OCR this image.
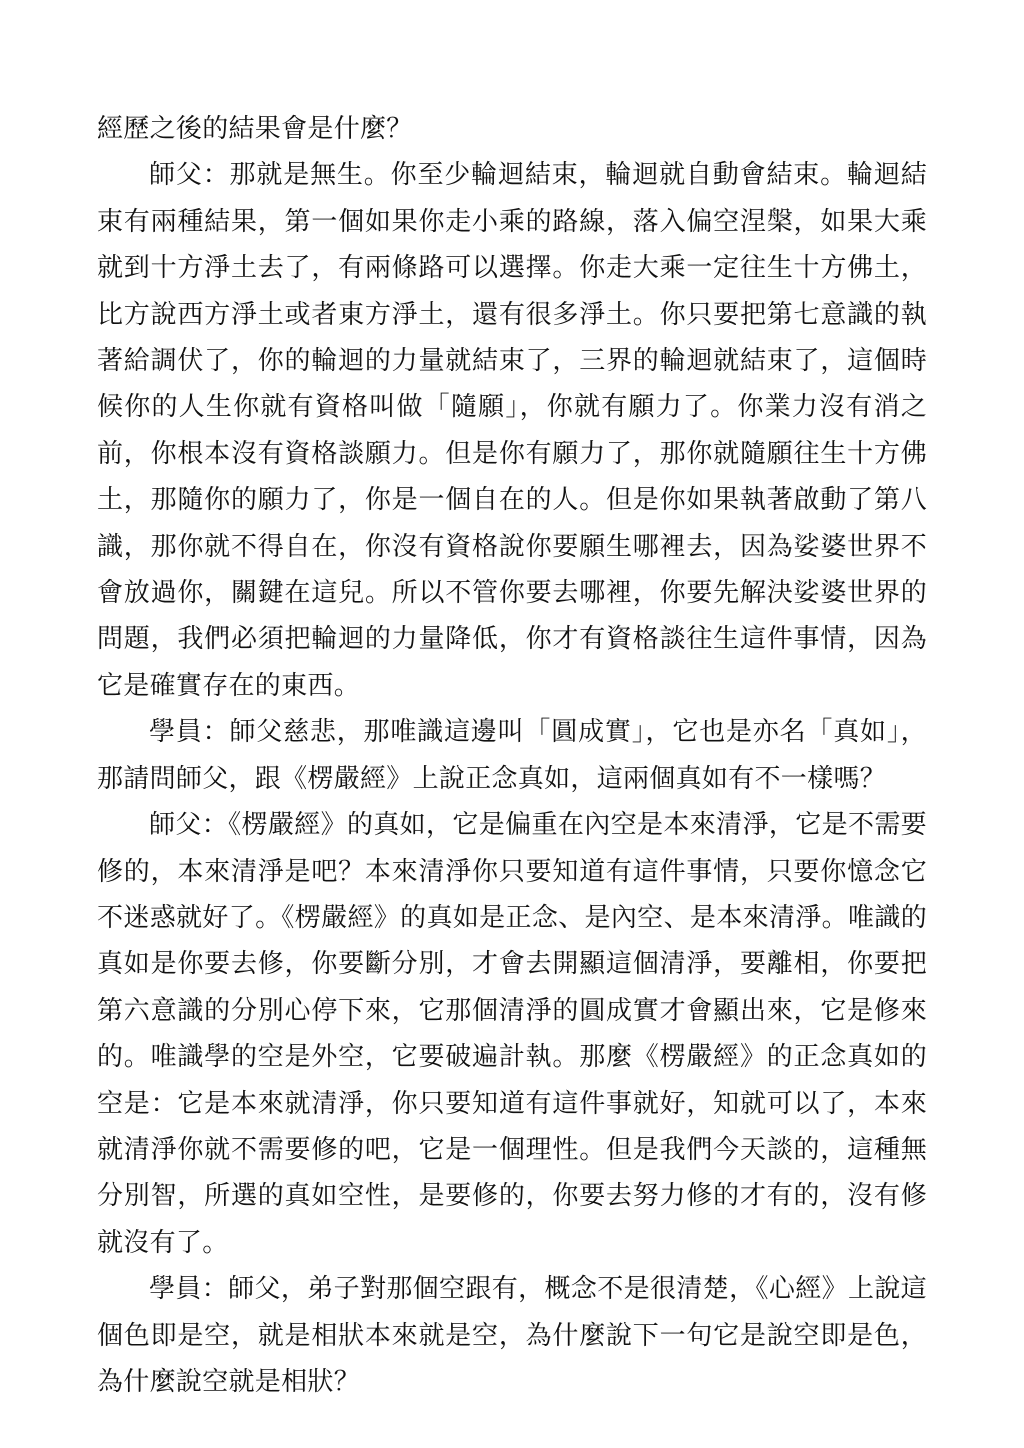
經歷之後的結果會是什麼？

師父：那就是無生。你至少輪迴結束，輪迴就自動會結束。輪迴結束有兩種結果，第一個如果你走小乘的路線，落入偏空涅槃，如果大乘就到十方淨土去了，有兩條路可以選擇。你走大乘一定往生十方佛土，比方說西方淨土或者東方淨土，還有很多淨土。你只要把第七意識的執著給調伏了，你的輪迴的力量就結束了，三界的輪迴就結束了，這個時候你的人生你就有資格叫做「隨願」，你就有願力了。你業力沒有消之前，你根本沒有資格談願力。但是你有願力了，那你就隨願往生十方佛土，那隨你的願力了，你是一個自在的人。但是你如果執著啟動了第八識，那你就不得自在，你沒有資格說你要願生哪裡去，因為娑婆世界不會放過你，關鍵在這兒。所以不管你要去哪裡，你要先解決娑婆世界的問題，我們必須把輪迴的力量降低，你才有資格談往生這件事情，因為它是確實存在的東西。

學員：師父慈悲，那唯識這邊叫「圓成實」，它也是亦名「真如」，那請問師父，跟《楞嚴經》上說正念真如，這兩個真如有不一樣嗎？

師父：《楞嚴經》的真如，它是偏重在內空是本來清淨，它是不需要修的，本來清淨是吧？本來清淨你只要知道有這件事情，只要你憶念它不迷惑就好了。《楞嚴經》的真如是正念、是內空、是本來清淨。唯識的真如是你要去修，你要斷分別，才會去開顯這個清淨，要離相，你要把第六意識的分別心停下來，它那個清淨的圓成實才會顯出來，它是修來的。唯識學的空是外空，它要破遍計執。那麼《楞嚴經》的正念真如的空是：它是本來就清淨，你只要知道有這件事就好，知就可以了，本來就清淨你就不需要修的吧，它是一個理性。但是我們今天談的，這種無分別智，所選的真如空性，是要修的，你要去努力修的才有的，沒有修就沒有了。

學員：師父，弟子對那個空跟有，概念不是很清楚，《心經》上說這個色即是空，就是相狀本來就是空，為什麼說下一句它是說空即是色，為什麼說空就是相狀？
